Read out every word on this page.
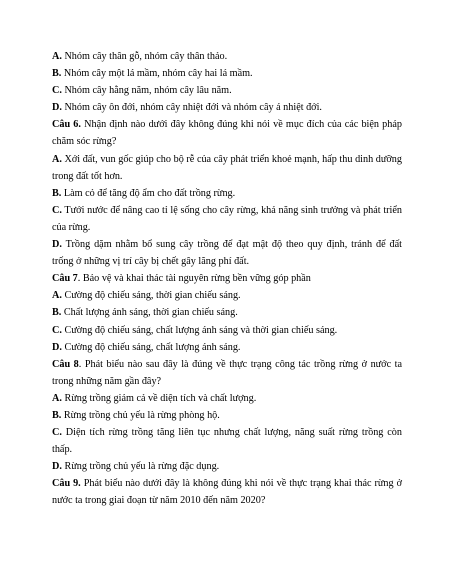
A. Nhóm cây thân gỗ, nhóm cây thân thảo.
B. Nhóm cây một lá mầm, nhóm cây hai lá mầm.
C. Nhóm cây hằng năm, nhóm cây lâu năm.
D. Nhóm cây ôn đới, nhóm cây nhiệt đới và nhóm cây á nhiệt đới.
Câu 6. Nhận định nào dưới đây không đúng khi nói về mục đích của các biện pháp chăm sóc rừng?
A. Xới đất, vun gốc giúp cho bộ rễ của cây phát triển khoẻ mạnh, hấp thu dinh dưỡng trong đất tốt hơn.
B. Làm cỏ để tăng độ ẩm cho đất trồng rừng.
C. Tưới nước để nâng cao tỉ lệ sống cho cây rừng, khả năng sinh trưởng và phát triển của rừng.
D. Trồng dặm nhằm bổ sung cây trồng để đạt mật độ theo quy định, tránh để đất trống ở những vị trí cây bị chết gây lãng phí đất.
Câu 7. Bảo vệ và khai thác tài nguyên rừng bền vững góp phần
A. Cường độ chiếu sáng, thời gian chiếu sáng.
B. Chất lượng ánh sáng, thời gian chiếu sáng.
C. Cường độ chiếu sáng, chất lượng ánh sáng và thời gian chiếu sáng.
D. Cường độ chiếu sáng, chất lượng ánh sáng.
Câu 8. Phát biểu nào sau đây là đúng về thực trạng công tác trồng rừng ở nước ta trong những năm gần đây?
A. Rừng trồng giảm cả về diện tích và chất lượng.
B. Rừng trồng chủ yếu là rừng phòng hộ.
C. Diện tích rừng trồng tăng liên tục nhưng chất lượng, năng suất rừng trồng còn thấp.
D. Rừng trồng chủ yếu là rừng đặc dụng.
Câu 9. Phát biểu nào dưới đây là không đúng khi nói về thực trạng khai thác rừng ở nước ta trong giai đoạn từ năm 2010 đến năm 2020?
